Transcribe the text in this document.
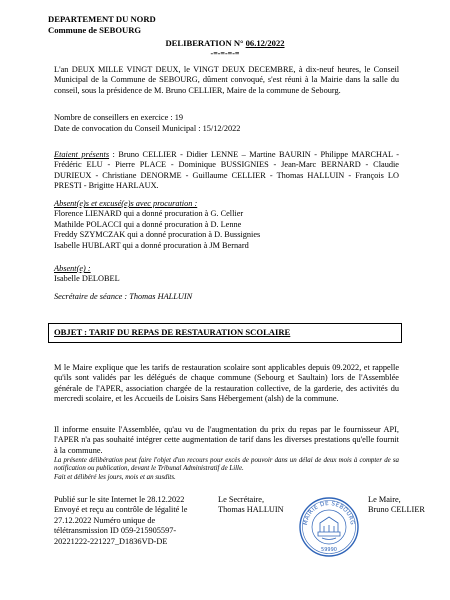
DEPARTEMENT DU NORD
Commune de SEBOURG
DELIBERATION N° 06.12/2022
-=-=-=-=
L'an DEUX MILLE VINGT DEUX, le VINGT DEUX DECEMBRE, à dix-neuf heures, le Conseil Municipal de la Commune de SEBOURG, dûment convoqué, s'est réuni à la Mairie dans la salle du conseil, sous la présidence de M. Bruno CELLIER, Maire de la commune de Sebourg.
Nombre de conseillers en exercice : 19
Date de convocation du Conseil Municipal : 15/12/2022
Etaient présents : Bruno CELLIER - Didier LENNE – Martine BAURIN - Philippe MARCHAL - Frédéric ELU - Pierre PLACE - Dominique BUSSIGNIES - Jean-Marc BERNARD - Claudie DURIEUX - Christiane DENORME - Guillaume CELLIER - Thomas HALLUIN - François LO PRESTI - Brigitte HARLAUX.
Absent(e)s et excusé(e)s avec procuration :
Florence LIENARD qui a donné procuration à G. Cellier
Mathilde POLACCI qui a donné procuration à D. Lenne
Freddy SZYMCZAK qui a donné procuration à D. Bussignies
Isabelle HUBLART qui a donné procuration à JM Bernard
Absent(e) :
Isabelle DELOBEL
Secrétaire de séance : Thomas HALLUIN
OBJET : TARIF DU REPAS DE RESTAURATION SCOLAIRE
M le Maire explique que les tarifs de restauration scolaire sont applicables depuis 09.2022, et rappelle qu'ils sont validés par les délégués de chaque commune (Sebourg et Saultain) lors de l'Assemblée générale de l'APER, association chargée de la restauration collective, de la garderie, des activités du mercredi scolaire, et les Accueils de Loisirs Sans Hébergement (alsh) de la commune.
Il informe ensuite l'Assemblée, qu'au vu de l'augmentation du prix du repas par le fournisseur API, l'APER n'a pas souhaité intégrer cette augmentation de tarif dans les diverses prestations qu'elle fournit à la commune.
La présente délibération peut faire l'objet d'un recours pour excès de pouvoir dans un délai de deux mois à compter de sa notification ou publication, devant le Tribunal Administratif de Lille.
Fait et délibéré les jours, mois et an susdits.
Publié sur le site Internet le 28.12.2022
Envoyé et reçu au contrôle de légalité le
27.12.2022 Numéro unique de
télétransmission ID 059-215905597-
20221222-221227_D1836VD-DE
Le Secrétaire,
Thomas HALLUIN
Le Maire,
Bruno CELLIER
MAIRIE DE SEBOURG
59990
